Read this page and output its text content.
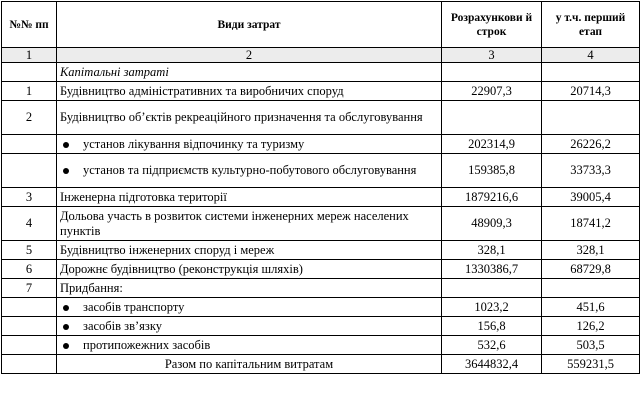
№№ пп	Види затрат	Розрахункови й строк	у т.ч. перший етап
1	2	3	4
	Капітальні затраті		
1	Будівництво адміністративних та виробничих споруд	22907,3	20714,3
2	Будівництво об’єктів рекреаційного призначення та обслуговування		

	установ лікування відпочинку та туризму	202314,9	26226,2

	установ та підприємств культурно-побутового обслуговування	159385,8	33733,3
3	Інженерна підготовка території	1879216,6	39005,4
4	Дольова участь в розвиток системи інженерних мереж населених пунктів	48909,3	18741,2
5	Будівництво інженерних споруд і мереж	328,1	328,1
6	Дорожнє будівництво (реконструкція шляхів)	1330386,7	68729,8
7	Придбання:		

	засобів транспорту	1023,2	451,6

	засобів зв’язку	156,8	126,2

	протипожежних засобів	532,6	503,5
	Разом по капітальним витратам	3644832,4	559231,5
